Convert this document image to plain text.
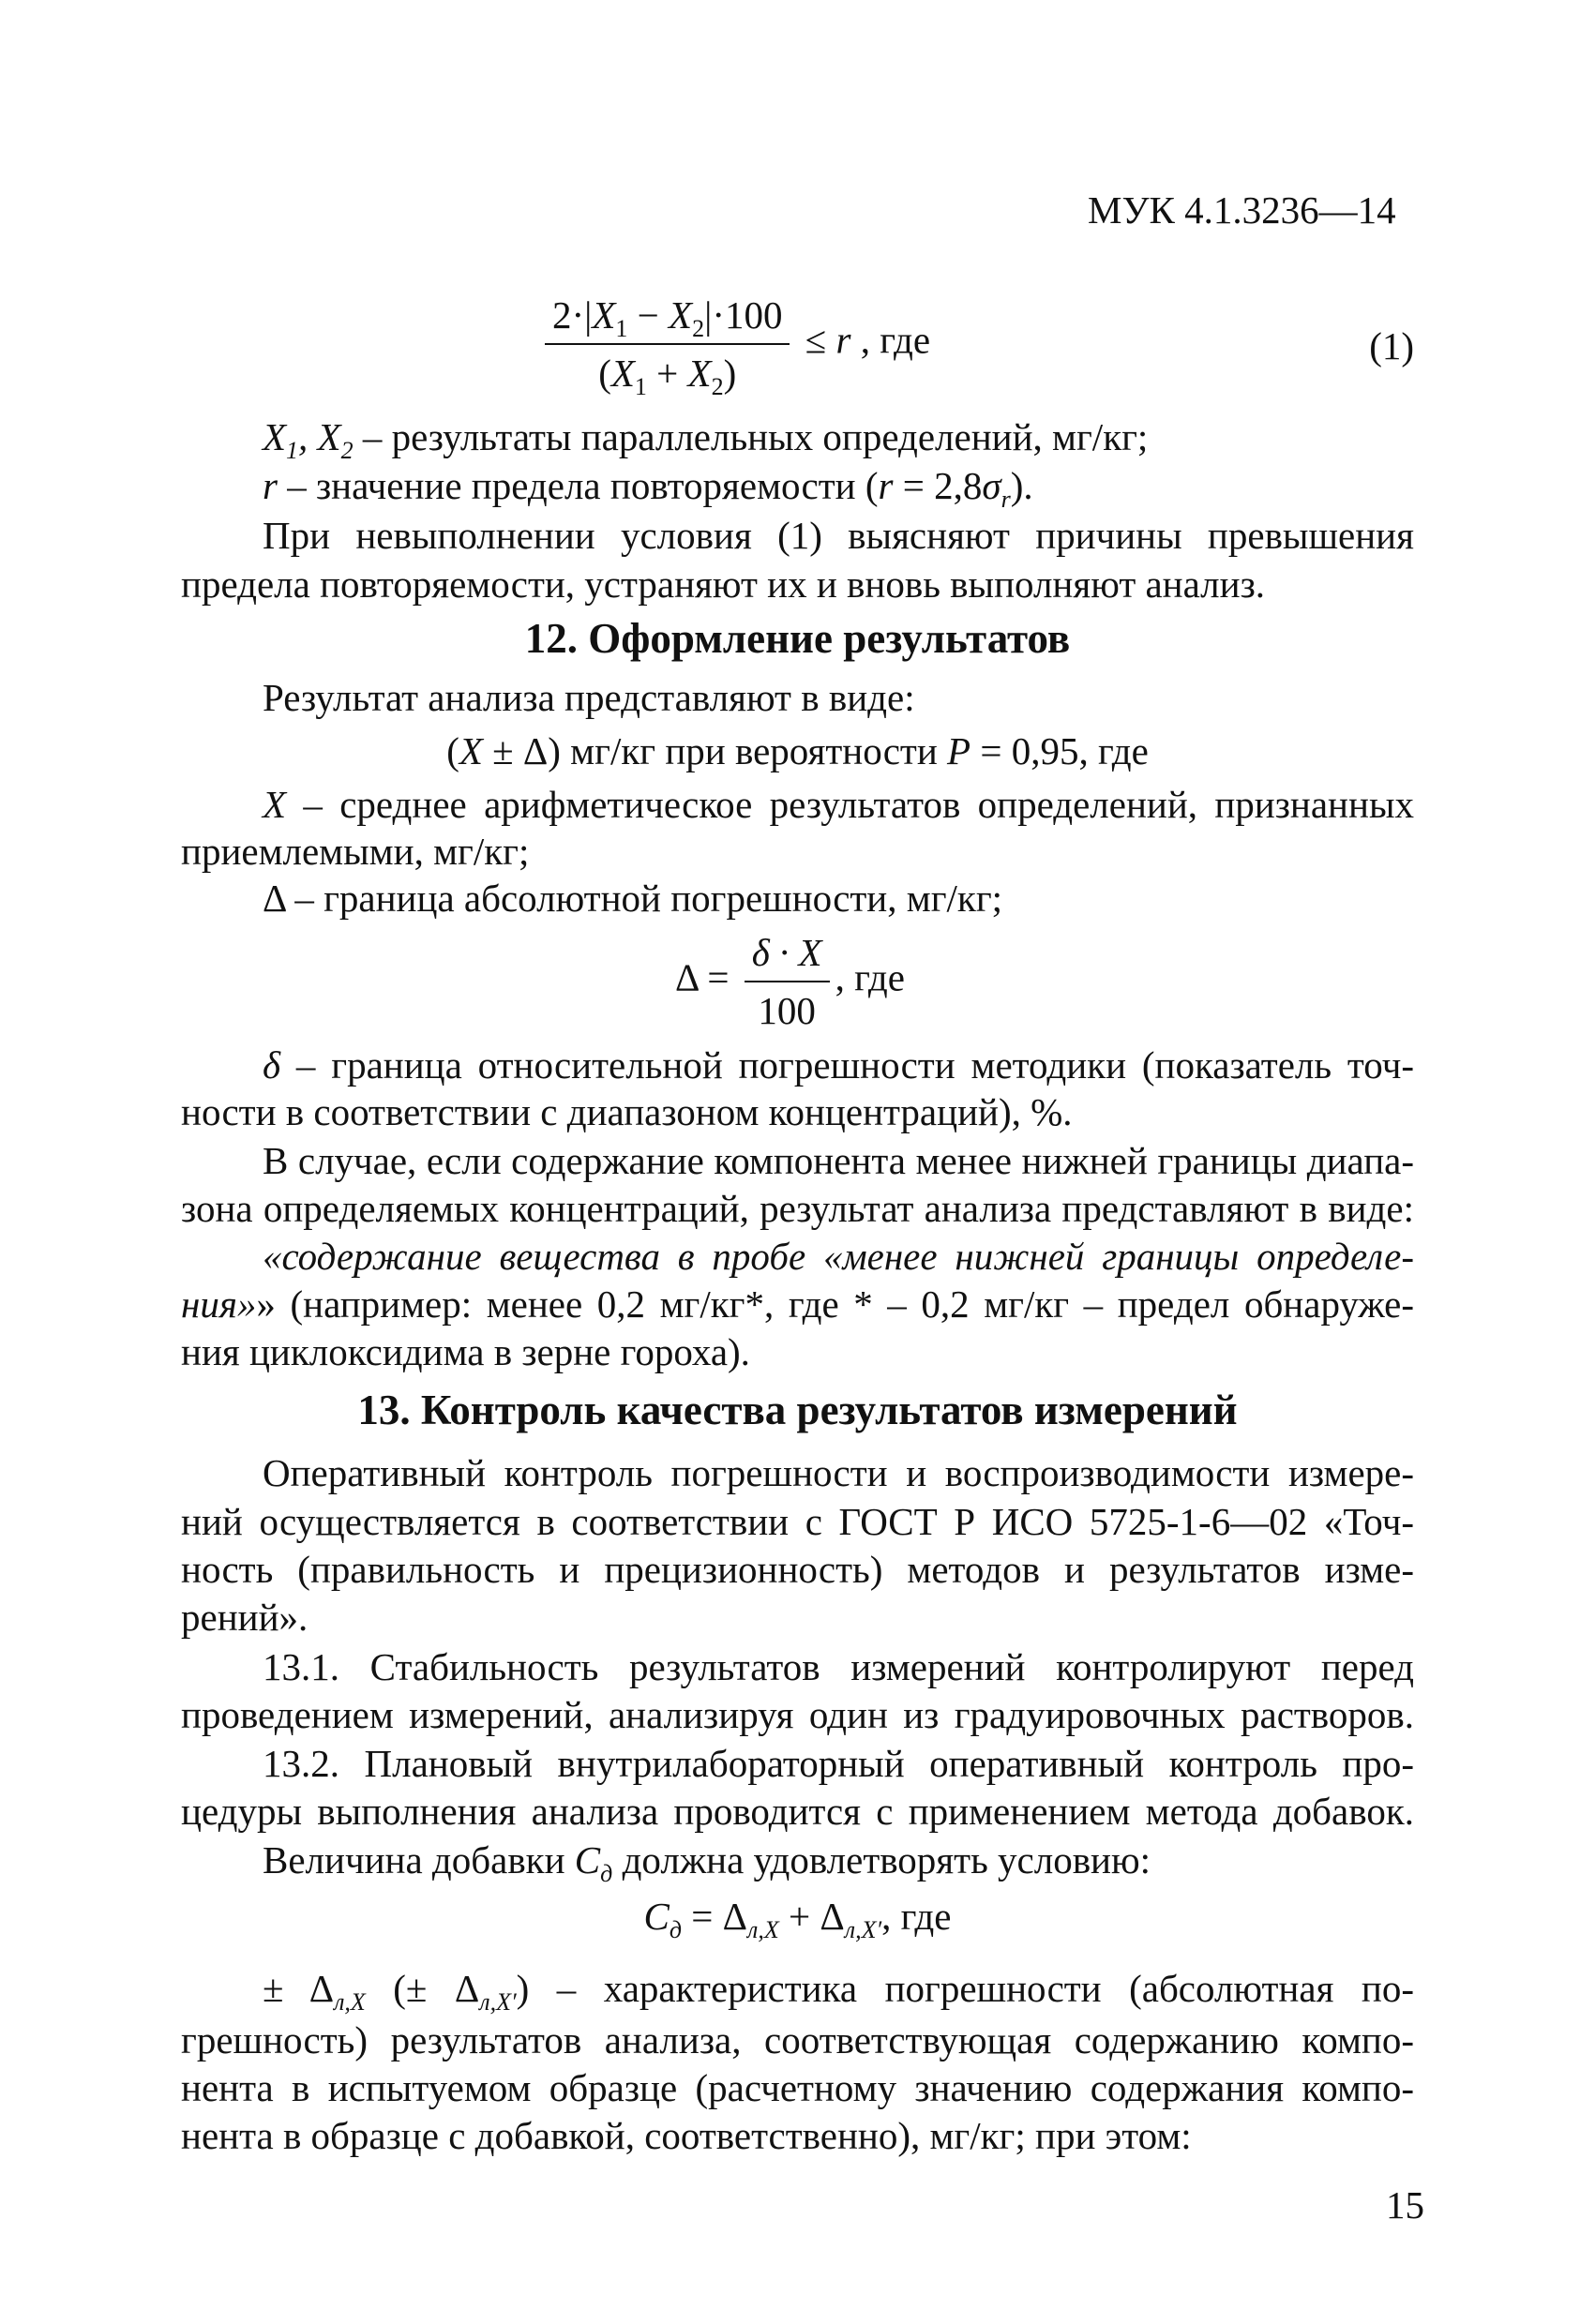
МУК 4.1.3236—14
$\frac{2\cdot|X_1 - X_2|\cdot 100}{(X_1 + X_2)} \le r$ , где	(1)
$X_1$, $X_2$ – результаты параллельных определений, мг/кг;
r – значение предела повторяемости $(r = 2,8\sigma_r)$.
При невыполнении условия (1) выясняют причины превышения
предела повторяемости, устраняют их и вновь выполняют анализ.
12. Оформление результатов
Результат анализа представляют в виде:
(X ± Δ) мг/кг при вероятности P = 0,95, где
X – среднее арифметическое результатов определений, признанных
приемлемыми, мг/кг;
Δ – граница абсолютной погрешности, мг/кг;
$\Delta = \frac{\delta \cdot X}{100}$ , где
δ – граница относительной погрешности методики (показатель точ-
ности в соответствии с диапазоном концентраций), %.
В случае, если содержание компонента менее нижней границы диапа-
зона определяемых концентраций, результат анализа представляют в виде:
«содержание вещества в пробе «менее нижней границы определе-
ния»» (например: менее 0,2 мг/кг*, где * – 0,2 мг/кг – предел обнаруже-
ния циклоксидима в зерне гороха).
13. Контроль качества результатов измерений
Оперативный контроль погрешности и воспроизводимости измере-
ний осуществляется в соответствии с ГОСТ Р ИСО 5725-1-6—02 «Точ-
ность (правильность и прецизионность) методов и результатов изме-
рений».
13.1. Стабильность результатов измерений контролируют перед
проведением измерений, анализируя один из градуировочных растворов.
13.2. Плановый внутрилабораторный оперативный контроль про-
цедуры выполнения анализа проводится с применением метода добавок.
Величина добавки $C_д$ должна удовлетворять условию:
$C_д = \Delta_{л,X} + \Delta_{л,X'}$, где
± $\Delta_{л,X}$ (± $\Delta_{л,X'}$) – характеристика погрешности (абсолютная по-
грешность) результатов анализа, соответствующая содержанию компо-
нента в испытуемом образце (расчетному значению содержания компо-
нента в образце с добавкой, соответственно), мг/кг; при этом:
15
